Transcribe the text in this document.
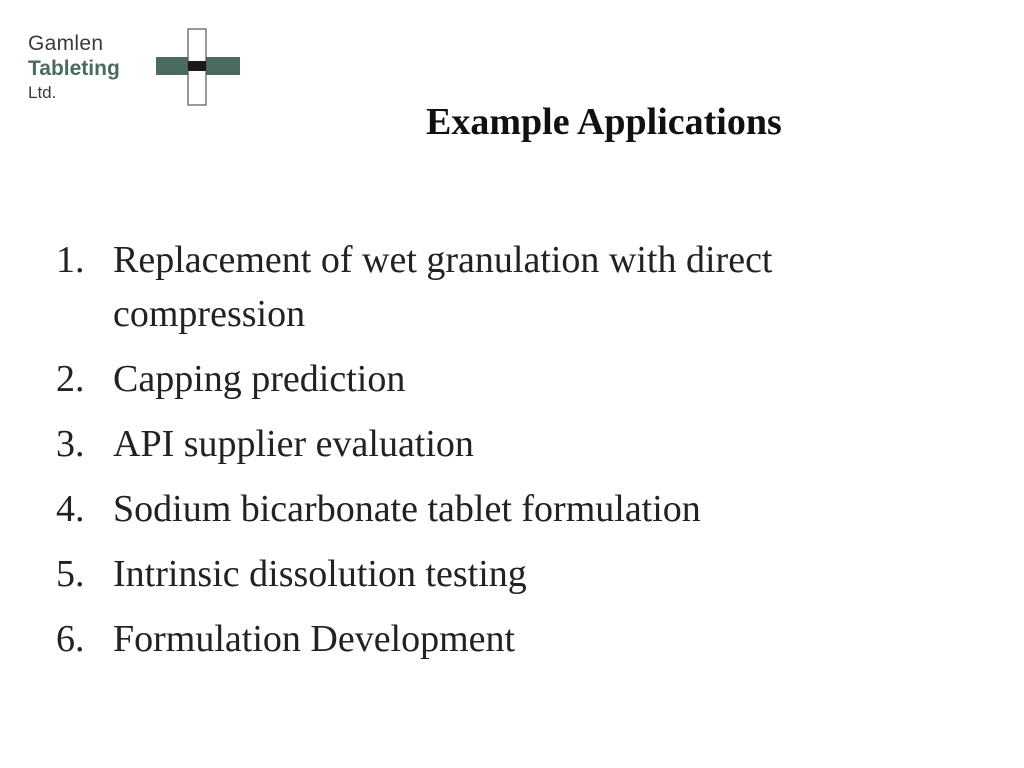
Gamlen
Tableting
Ltd.
Example Applications
1. Replacement of wet granulation with direct compression
2. Capping prediction
3. API supplier evaluation
4. Sodium bicarbonate tablet formulation
5. Intrinsic dissolution testing
6. Formulation Development
